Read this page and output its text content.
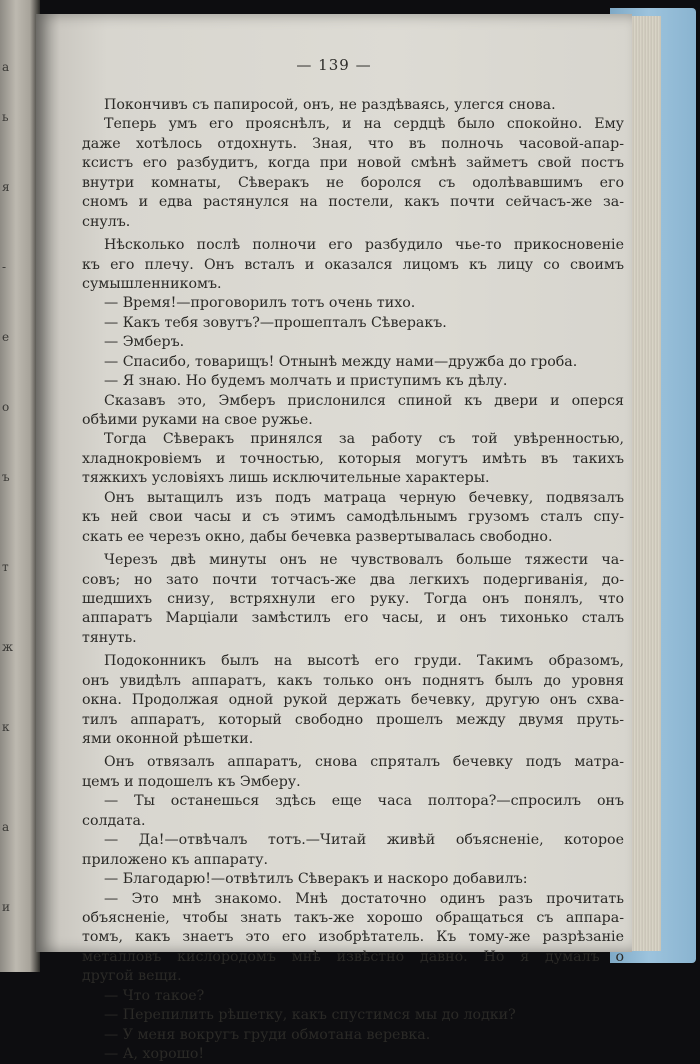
а
ь
я
-
е
о
ъ
т
ж
к
а
и
— 139 —
Покончивъ съ папиросой, онъ, не раздѣваясь, улегся снова.
Теперь умъ его прояснѣлъ, и на сердцѣ было спокойно. Ему
даже хотѣлось отдохнуть. Зная, что въ полночь часовой-апар-
ксистъ его разбудитъ, когда при новой смѣнѣ займетъ свой постъ
внутри комнаты, Сѣверакъ не боролся съ одолѣвавшимъ его
сномъ и едва растянулся на постели, какъ почти сейчасъ-же за-
снулъ.
Нѣсколько послѣ полночи его разбудило чье-то прикосновеніе
къ его плечу. Онъ всталъ и оказался лицомъ къ лицу со своимъ
сумышленникомъ.
— Время!—проговорилъ тотъ очень тихо.
— Какъ тебя зовутъ?—прошепталъ Сѣверакъ.
— Эмберъ.
— Спасибо, товарищъ! Отнынѣ между нами—дружба до гроба.
— Я знаю. Но будемъ молчать и приступимъ къ дѣлу.
Сказавъ это, Эмберъ прислонился спиной къ двери и оперся
обѣими руками на свое ружье.
Тогда Сѣверакъ принялся за работу съ той увѣренностью,
хладнокровіемъ и точностью, которыя могутъ имѣть въ такихъ
тяжкихъ условіяхъ лишь исключительные характеры.
Онъ вытащилъ изъ подъ матраца черную бечевку, подвязалъ
къ ней свои часы и съ этимъ самодѣльнымъ грузомъ сталъ спу-
скать ее черезъ окно, дабы бечевка развертывалась свободно.
Черезъ двѣ минуты онъ не чувствовалъ больше тяжести ча-
совъ; но зато почти тотчасъ-же два легкихъ подергиванія, до-
шедшихъ снизу, встряхнули его руку. Тогда онъ понялъ, что
аппаратъ Марціали замѣстилъ его часы, и онъ тихонько сталъ
тянуть.
Подоконникъ былъ на высотѣ его груди. Такимъ образомъ,
онъ увидѣлъ аппаратъ, какъ только онъ поднятъ былъ до уровня
окна. Продолжая одной рукой держать бечевку, другую онъ схва-
тилъ аппаратъ, который свободно прошелъ между двумя пруть-
ями оконной рѣшетки.
Онъ отвязалъ аппаратъ, снова спряталъ бечевку подъ матра-
цемъ и подошелъ къ Эмберу.
— Ты останешься здѣсь еще часа полтора?—спросилъ онъ
солдата.
— Да!—отвѣчалъ тотъ.—Читай живѣй объясненіе, которое
приложено къ аппарату.
— Благодарю!—отвѣтилъ Сѣверакъ и наскоро добавилъ:
— Это мнѣ знакомо. Мнѣ достаточно одинъ разъ прочитать
объясненіе, чтобы знать такъ-же хорошо обращаться съ аппара-
томъ, какъ знаетъ это его изобрѣтатель. Къ тому-же разрѣзаніе
металловъ кислородомъ мнѣ извѣстно давно. Но я думалъ о
другой вещи.
— Что такое?
— Перепилить рѣшетку, какъ спустимся мы до лодки?
— У меня вокругъ груди обмотана веревка.
— А, хорошо!
